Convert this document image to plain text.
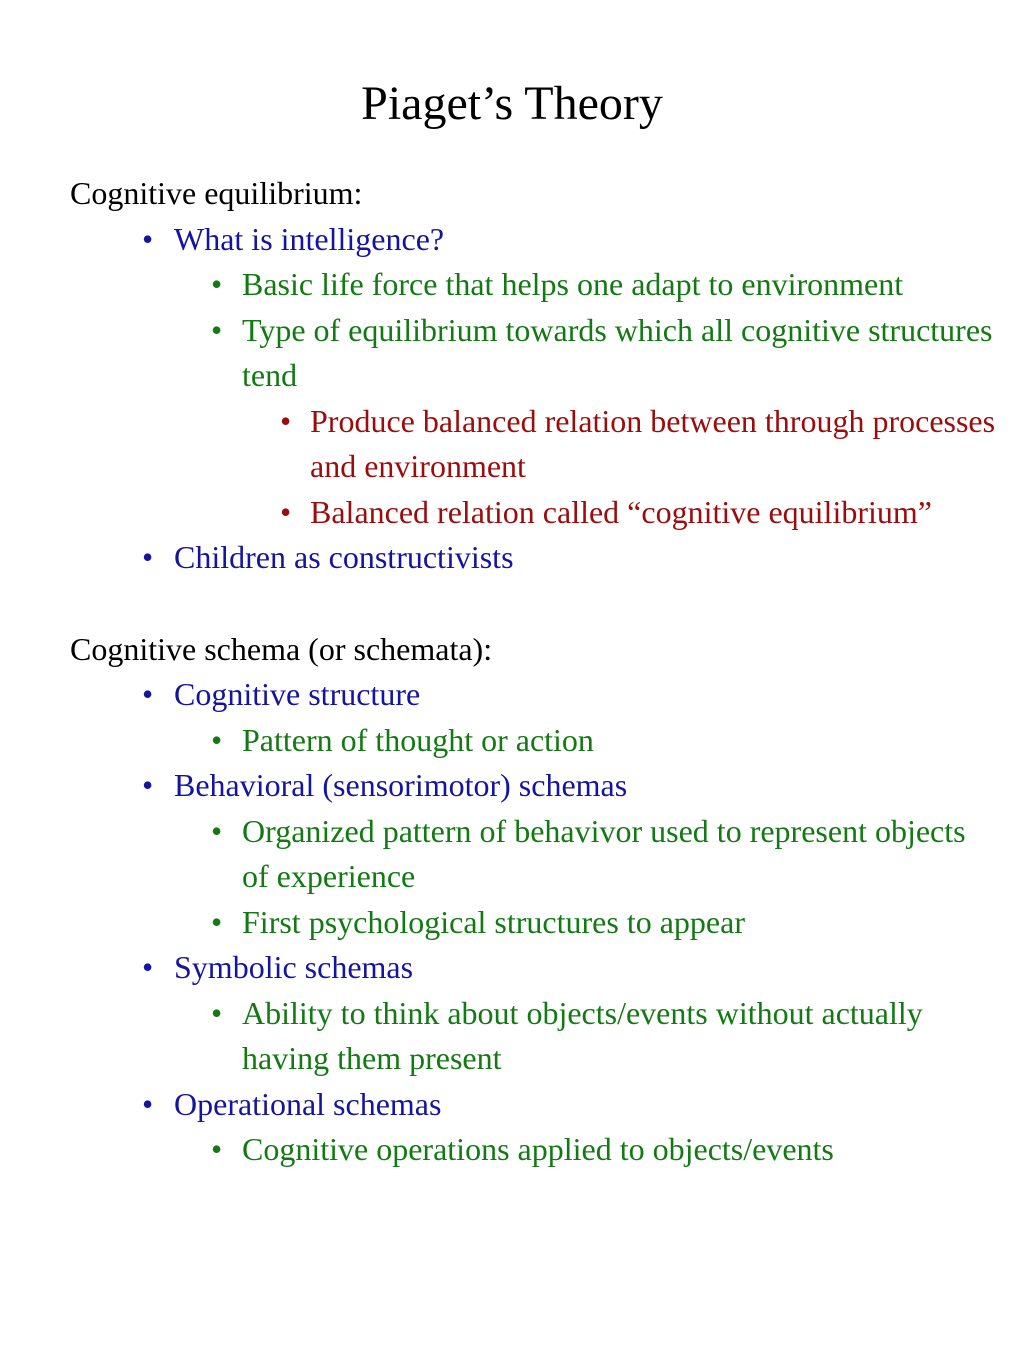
Piaget’s Theory
Cognitive equilibrium:
• What is intelligence?
• Basic life force that helps one adapt to environment
• Type of equilibrium towards which all cognitive structures tend
• Produce balanced relation between through processes and environment
• Balanced relation called “cognitive equilibrium”
• Children as constructivists
Cognitive schema (or schemata):
• Cognitive structure
• Pattern of thought or action
• Behavioral (sensorimotor) schemas
• Organized pattern of behavivor used to represent objects of experience
• First psychological structures to appear
• Symbolic schemas
• Ability to think about objects/events without actually having them present
• Operational schemas
• Cognitive operations applied to objects/events
